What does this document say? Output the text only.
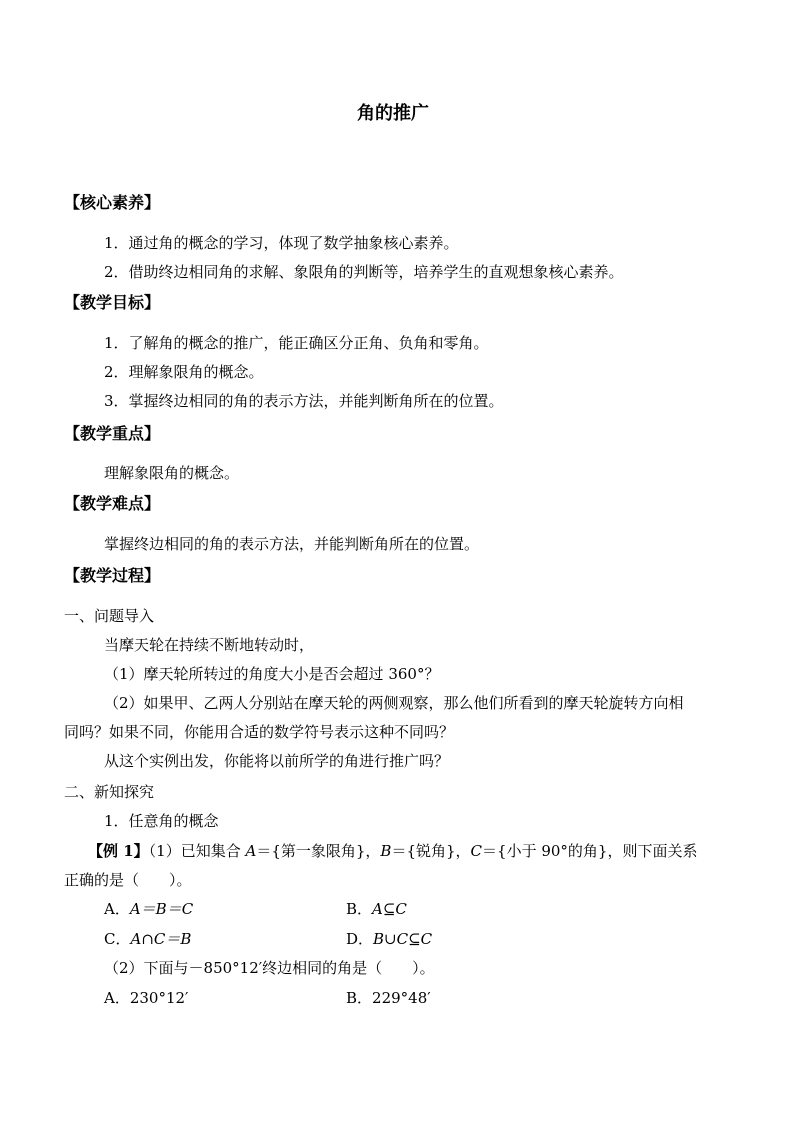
角的推广
【核心素养】
1．通过角的概念的学习，体现了数学抽象核心素养。
2．借助终边相同角的求解、象限角的判断等，培养学生的直观想象核心素养。
【教学目标】
1．了解角的概念的推广，能正确区分正角、负角和零角。
2．理解象限角的概念。
3．掌握终边相同的角的表示方法，并能判断角所在的位置。
【教学重点】
理解象限角的概念。
【教学难点】
掌握终边相同的角的表示方法，并能判断角所在的位置。
【教学过程】
一、问题导入
当摩天轮在持续不断地转动时，
（1）摩天轮所转过的角度大小是否会超过 360°？
（2）如果甲、乙两人分别站在摩天轮的两侧观察，那么他们所看到的摩天轮旋转方向相
同吗？如果不同，你能用合适的数学符号表示这种不同吗？
从这个实例出发，你能将以前所学的角进行推广吗？
二、新知探究
1．任意角的概念
【例 1】（1）已知集合 A＝{第一象限角}，B＝{锐角}，C＝{小于 90°的角}，则下面关系
正确的是（　　）。
A．A＝B＝C	B．A⊆C
C．A∩C＝B	D．B∪C⊆C
（2）下面与－850°12′终边相同的角是（　　）。
A．230°12′	B．229°48′
